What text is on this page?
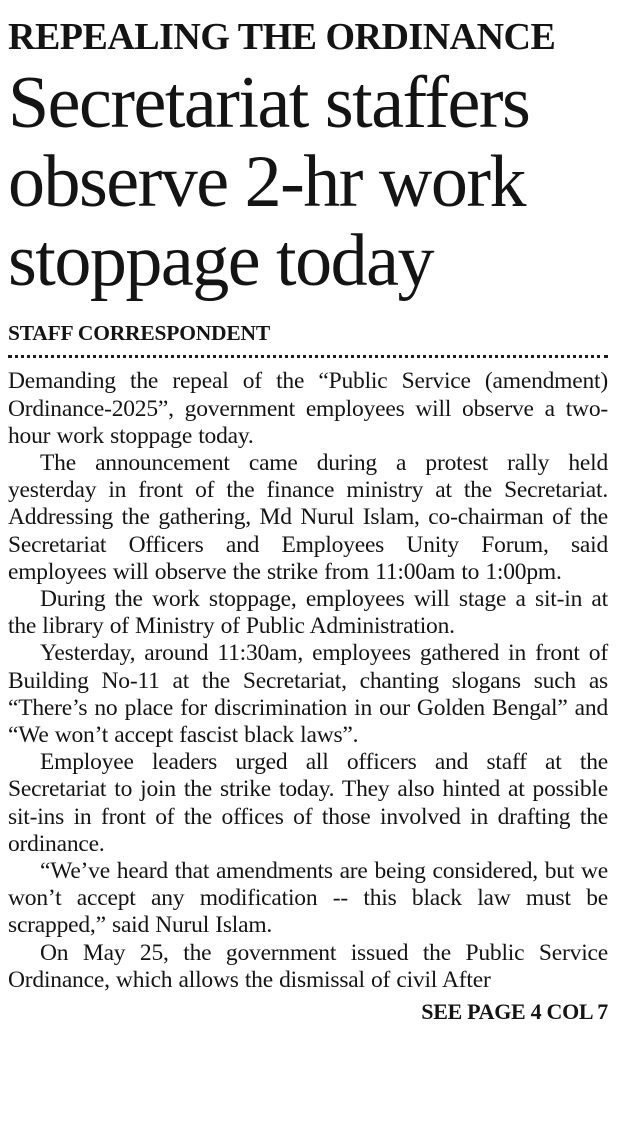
REPEALING THE ORDINANCE
Secretariat staffers observe 2-hr work stoppage today
STAFF CORRESPONDENT

Demanding the repeal of the “Public Service (amendment) Ordinance-2025”, government employees will observe a two-hour work stoppage today.

The announcement came during a protest rally held yesterday in front of the finance ministry at the Secretariat. Addressing the gathering, Md Nurul Islam, co-chairman of the Secretariat Officers and Employees Unity Forum, said employees will observe the strike from 11:00am to 1:00pm.

During the work stoppage, employees will stage a sit-in at the library of Ministry of Public Administration.

Yesterday, around 11:30am, employees gathered in front of Building No-11 at the Secretariat, chanting slogans such as “There’s no place for discrimination in our Golden Bengal” and “We won’t accept fascist black laws”.

Employee leaders urged all officers and staff at the Secretariat to join the strike today. They also hinted at possible sit-ins in front of the offices of those involved in drafting the ordinance.

“We’ve heard that amendments are being considered, but we won’t accept any modification -- this black law must be scrapped,” said Nurul Islam.

On May 25, the government issued the Public Service Ordinance, which allows the dismissal of civil After

SEE PAGE 4 COL 7
